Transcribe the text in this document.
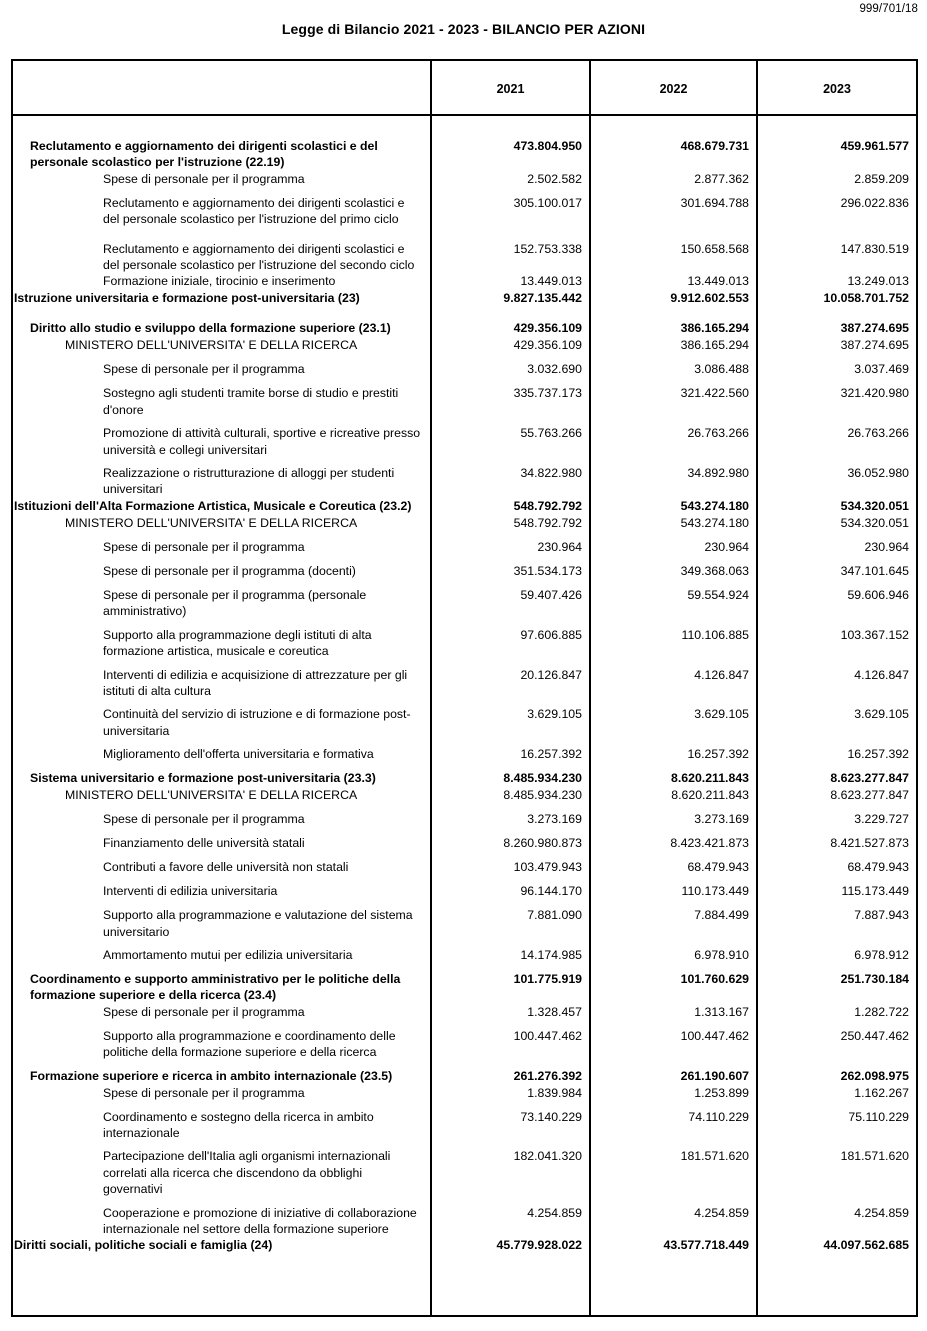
999/701/18
Legge di Bilancio 2021 - 2023 - BILANCIO PER AZIONI
2021	2022	2023
Reclutamento e aggiornamento dei dirigenti scolastici e del personale scolastico per l'istruzione (22.19)
473.804.950	468.679.731	459.961.577
Spese di personale per il programma	2.502.582	2.877.362	2.859.209
Reclutamento e aggiornamento dei dirigenti scolastici e del personale scolastico per l'istruzione del primo ciclo
305.100.017	301.694.788	296.022.836
Reclutamento e aggiornamento dei dirigenti scolastici e del personale scolastico per l'istruzione del secondo ciclo
152.753.338	150.658.568	147.830.519
Formazione iniziale, tirocinio e inserimento	13.449.013	13.449.013	13.249.013
Istruzione universitaria e formazione post-universitaria (23)	9.827.135.442	9.912.602.553	10.058.701.752
Diritto allo studio e sviluppo della formazione superiore (23.1)	429.356.109	386.165.294	387.274.695
MINISTERO DELL'UNIVERSITA' E DELLA RICERCA	429.356.109	386.165.294	387.274.695
Spese di personale per il programma	3.032.690	3.086.488	3.037.469
Sostegno agli studenti tramite borse di studio e prestiti d'onore
335.737.173	321.422.560	321.420.980
Promozione di attività culturali, sportive e ricreative presso università e collegi universitari
55.763.266	26.763.266	26.763.266
Realizzazione o ristrutturazione di alloggi per studenti universitari
34.822.980	34.892.980	36.052.980
Istituzioni dell'Alta Formazione Artistica, Musicale e Coreutica (23.2)	548.792.792	543.274.180	534.320.051
MINISTERO DELL'UNIVERSITA' E DELLA RICERCA	548.792.792	543.274.180	534.320.051
Spese di personale per il programma	230.964	230.964	230.964
Spese di personale per il programma (docenti)	351.534.173	349.368.063	347.101.645
Spese di personale per il programma (personale amministrativo)
59.407.426	59.554.924	59.606.946
Supporto alla programmazione degli istituti di alta formazione artistica, musicale e coreutica
97.606.885	110.106.885	103.367.152
Interventi di edilizia e acquisizione di attrezzature per gli istituti di alta cultura
20.126.847	4.126.847	4.126.847
Continuità del servizio di istruzione e di formazione post-universitaria
3.629.105	3.629.105	3.629.105
Miglioramento dell'offerta universitaria e formativa	16.257.392	16.257.392	16.257.392
Sistema universitario e formazione post-universitaria (23.3)	8.485.934.230	8.620.211.843	8.623.277.847
MINISTERO DELL'UNIVERSITA' E DELLA RICERCA	8.485.934.230	8.620.211.843	8.623.277.847
Spese di personale per il programma	3.273.169	3.273.169	3.229.727
Finanziamento delle università statali	8.260.980.873	8.423.421.873	8.421.527.873
Contributi a favore delle università non statali	103.479.943	68.479.943	68.479.943
Interventi di edilizia universitaria	96.144.170	110.173.449	115.173.449
Supporto alla programmazione e valutazione del sistema universitario
7.881.090	7.884.499	7.887.943
Ammortamento mutui per edilizia universitaria	14.174.985	6.978.910	6.978.912
Coordinamento e supporto amministrativo per le politiche della formazione superiore e della ricerca (23.4)
101.775.919	101.760.629	251.730.184
Spese di personale per il programma	1.328.457	1.313.167	1.282.722
Supporto alla programmazione e coordinamento delle politiche della formazione superiore e della ricerca
100.447.462	100.447.462	250.447.462
Formazione superiore e ricerca in ambito internazionale (23.5)	261.276.392	261.190.607	262.098.975
Spese di personale per il programma	1.839.984	1.253.899	1.162.267
Coordinamento e sostegno della ricerca in ambito internazionale
73.140.229	74.110.229	75.110.229
Partecipazione dell'Italia agli organismi internazionali correlati alla ricerca che discendono da obblighi governativi
182.041.320	181.571.620	181.571.620
Cooperazione e promozione di iniziative di collaborazione internazionale nel settore della formazione superiore
4.254.859	4.254.859	4.254.859
Diritti sociali, politiche sociali e famiglia (24)	45.779.928.022	43.577.718.449	44.097.562.685
